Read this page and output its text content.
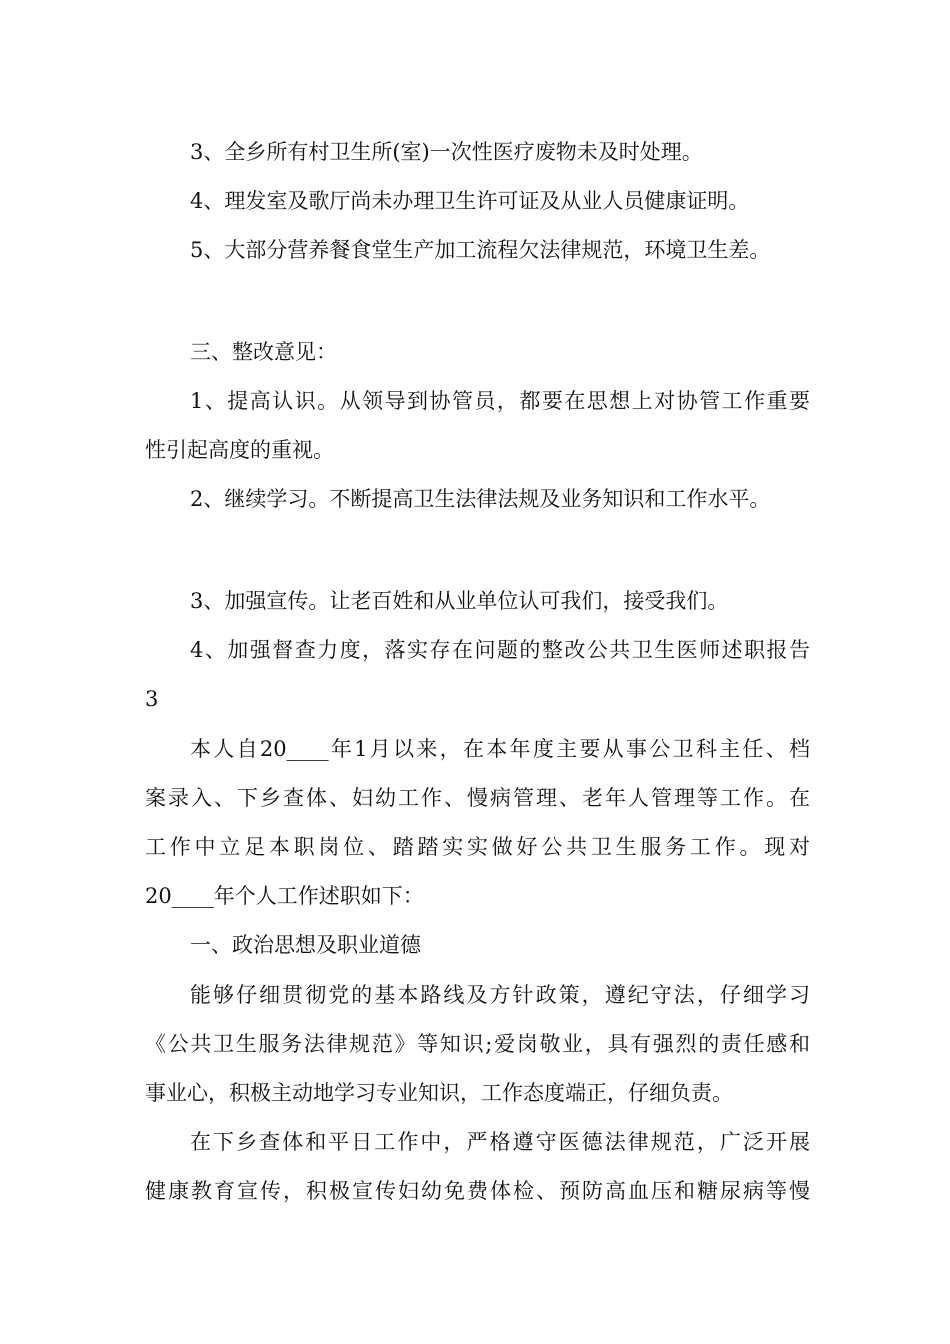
3、全乡所有村卫生所(室)一次性医疗废物未及时处理。
4、理发室及歌厅尚未办理卫生许可证及从业人员健康证明。
5、大部分营养餐食堂生产加工流程欠法律规范，环境卫生差。
三、整改意见：
1、提高认识。从领导到协管员，都要在思想上对协管工作重要
性引起高度的重视。
2、继续学习。不断提高卫生法律法规及业务知识和工作水平。
3、加强宣传。让老百姓和从业单位认可我们，接受我们。
4、加强督查力度，落实存在问题的整改公共卫生医师述职报告
3
本人自20____年1月以来，在本年度主要从事公卫科主任、档
案录入、下乡查体、妇幼工作、慢病管理、老年人管理等工作。在
工作中立足本职岗位、踏踏实实做好公共卫生服务工作。现对
20____年个人工作述职如下：
一、政治思想及职业道德
能够仔细贯彻党的基本路线及方针政策，遵纪守法，仔细学习
《公共卫生服务法律规范》等知识;爱岗敬业，具有强烈的责任感和
事业心，积极主动地学习专业知识，工作态度端正，仔细负责。
在下乡查体和平日工作中，严格遵守医德法律规范，广泛开展
健康教育宣传，积极宣传妇幼免费体检、预防高血压和糖尿病等慢
